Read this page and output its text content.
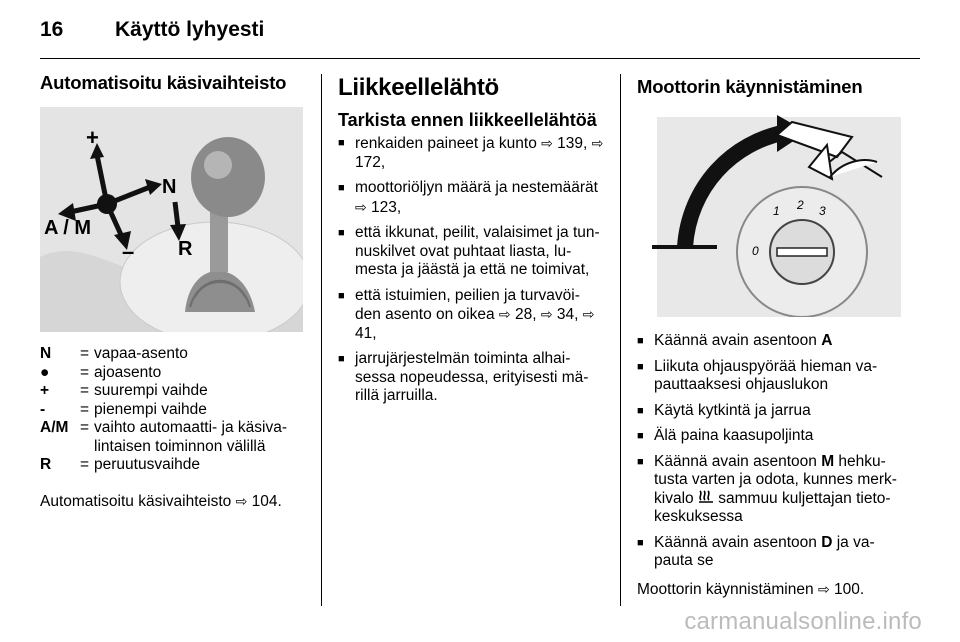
16	Käyttö lyhyesti
Automatisoitu käsivaihteisto
+
–
N
A / M
R
N	= vapaa-asento
●	= ajoasento
+	= suurempi vaihde
-	= pienempi vaihde
A/M = vaihto automaatti- ja käsiva-lintaisen toiminnon välillä
R	= peruutusvaihde
Automatisoitu käsivaihteisto ⇨ 104.
Liikkeellelähtö
Tarkista ennen liikkeellelähtöä
■ renkaiden paineet ja kunto ⇨ 139, ⇨ 172,
■ moottoriöljyn määrä ja nestemäärät ⇨ 123,
■ että ikkunat, peilit, valaisimet ja tun-nuskilvet ovat puhtaat liasta, lu-mesta ja jäästä ja että ne toimivat,
■ että istuimien, peilien ja turvavöi-den asento on oikea ⇨ 28, ⇨ 34, ⇨ 41,
■ jarrujärjestelmän toiminta alhai-sessa nopeudessa, erityisesti mä-rillä jarruilla.
Moottorin käynnistäminen
0
1 2 3
■ Käännä avain asentoon A
■ Liikuta ohjauspyörää hieman va-pauttaaksesi ohjauslukon
■ Käytä kytkintä ja jarrua
■ Älä paina kaasupoljinta
■ Käännä avain asentoon M hehku-tusta varten ja odota, kunnes merk-kivalo  sammuu kuljettajan tieto-keskuksessa
■ Käännä avain asentoon D ja va-pauta se
Moottorin käynnistäminen ⇨ 100.
carmanualsonline.info
